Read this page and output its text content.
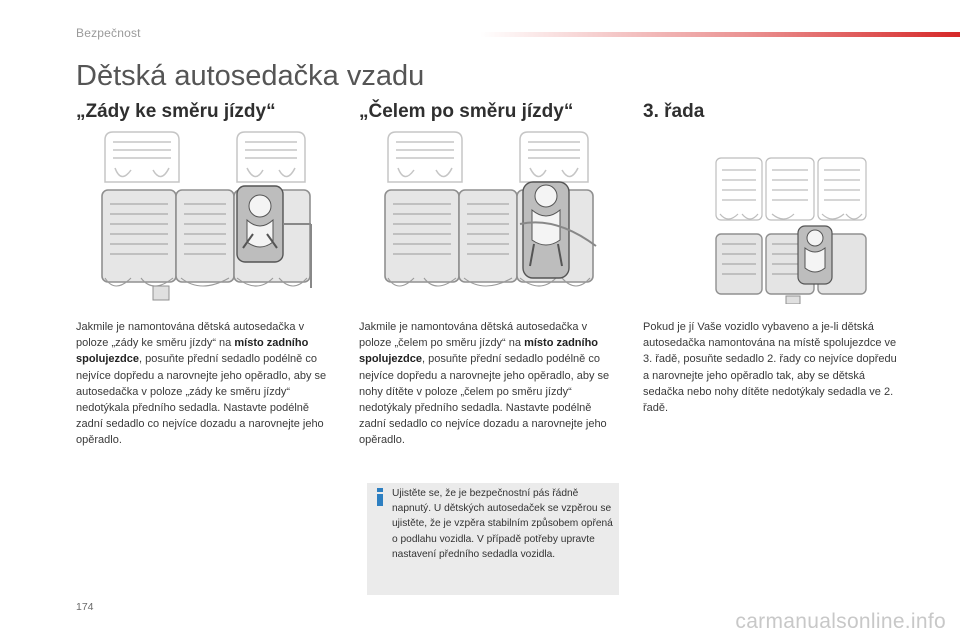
Bezpečnost
Dětská autosedačka vzadu
„Zády ke směru jízdy“	„Čelem po směru jízdy“	3. řada
Jakmile je namontována dětská autosedačka v poloze „zády ke směru jízdy“ na místo zadního spolujezdce, posuňte přední sedadlo podélně co nejvíce dopředu a narovnejte jeho opěradlo, aby se autosedačka v poloze „zády ke směru jízdy“ nedotýkala předního sedadla. Nastavte podélně zadní sedadlo co nejvíce dozadu a narovnejte jeho opěradlo.
Jakmile je namontována dětská autosedačka v poloze „čelem po směru jízdy“ na místo zadního spolujezdce, posuňte přední sedadlo podélně co nejvíce dopředu a narovnejte jeho opěradlo, aby se nohy dítěte v poloze „čelem po směru jízdy“ nedotýkaly předního sedadla. Nastavte podélně zadní sedadlo co nejvíce dozadu a narovnejte jeho opěradlo.
Pokud je jí Vaše vozidlo vybaveno a je-li dětská autosedačka namontována na místě spolujezdce ve 3. řadě, posuňte sedadlo 2. řady co nejvíce dopředu a narovnejte jeho opěradlo tak, aby se dětská sedačka nebo nohy dítěte nedotýkaly sedadla ve 2. řadě.
Ujistěte se, že je bezpečnostní pás řádně napnutý. U dětských autosedaček se vzpěrou se ujistěte, že je vzpěra stabilním způsobem opřená o podlahu vozidla. V případě potřeby upravte nastavení předního sedadla vozidla.
174
carmanualsonline.info
